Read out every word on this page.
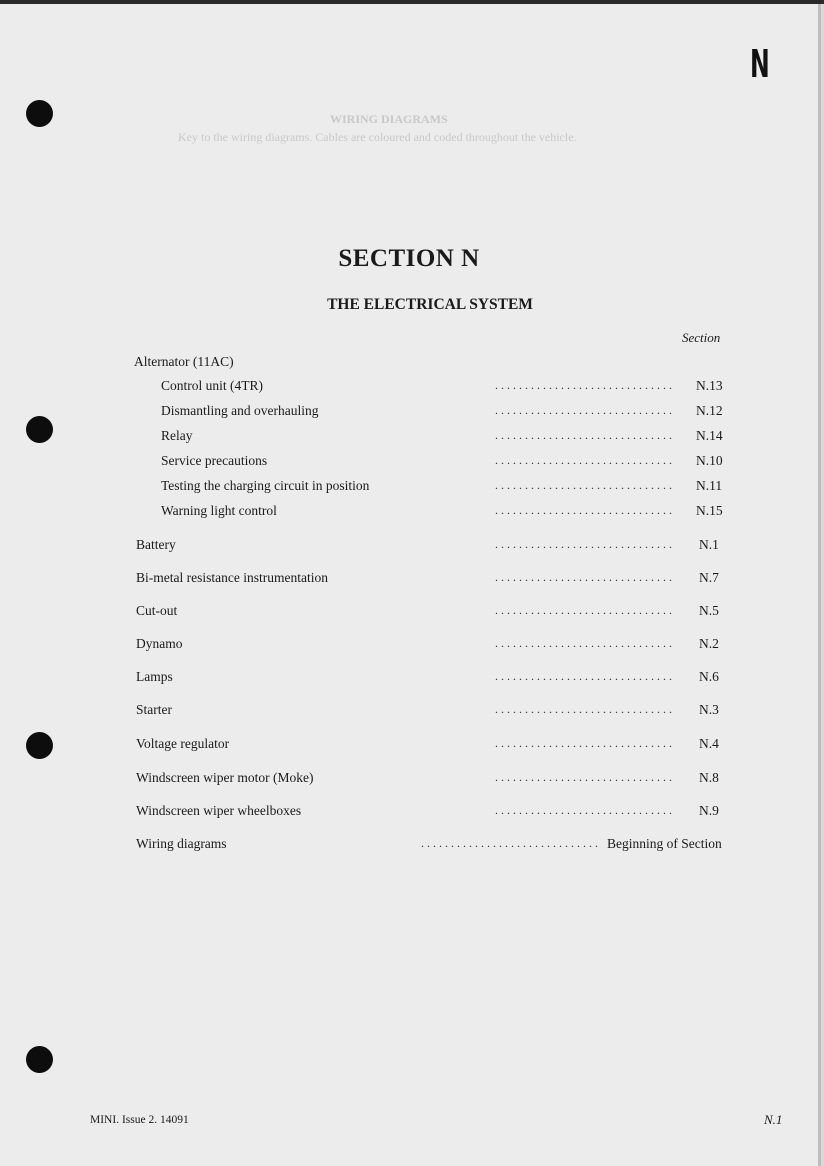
N
WIRING DIAGRAMS
Key to the wiring diagrams. Cables are coloured and coded throughout the vehicle.
SECTION N
THE ELECTRICAL SYSTEM
Section
Alternator (11AC)
Control unit (4TR)	. . . . . . . . . . . . . . . . . . . . . . . . . . . . . . N.13
Dismantling and overhauling	. . . . . . . . . . . . . . . . . . . . . . . . . . . . . . N.12
Relay	. . . . . . . . . . . . . . . . . . . . . . . . . . . . . . N.14
Service precautions	. . . . . . . . . . . . . . . . . . . . . . . . . . . . . . N.10
Testing the charging circuit in position	. . . . . . . . . . . . . . . . . . . . . . . . . . . . . . N.11
Warning light control	. . . . . . . . . . . . . . . . . . . . . . . . . . . . . . N.15
Battery	. . . . . . . . . . . . . . . . . . . . . . . . . . . . . . N.1
Bi-metal resistance instrumentation	. . . . . . . . . . . . . . . . . . . . . . . . . . . . . . N.7
Cut-out	. . . . . . . . . . . . . . . . . . . . . . . . . . . . . . N.5
Dynamo	. . . . . . . . . . . . . . . . . . . . . . . . . . . . . . N.2
Lamps	. . . . . . . . . . . . . . . . . . . . . . . . . . . . . . N.6
Starter	. . . . . . . . . . . . . . . . . . . . . . . . . . . . . . N.3
Voltage regulator	. . . . . . . . . . . . . . . . . . . . . . . . . . . . . . N.4
Windscreen wiper motor (Moke)	. . . . . . . . . . . . . . . . . . . . . . . . . . . . . . N.8
Windscreen wiper wheelboxes	. . . . . . . . . . . . . . . . . . . . . . . . . . . . . . N.9
Wiring diagrams	. . . . . . . . . . . . . . . . . . . . . . . . . . . . . . Beginning of Section
MINI. Issue 2. 14091	N.1
